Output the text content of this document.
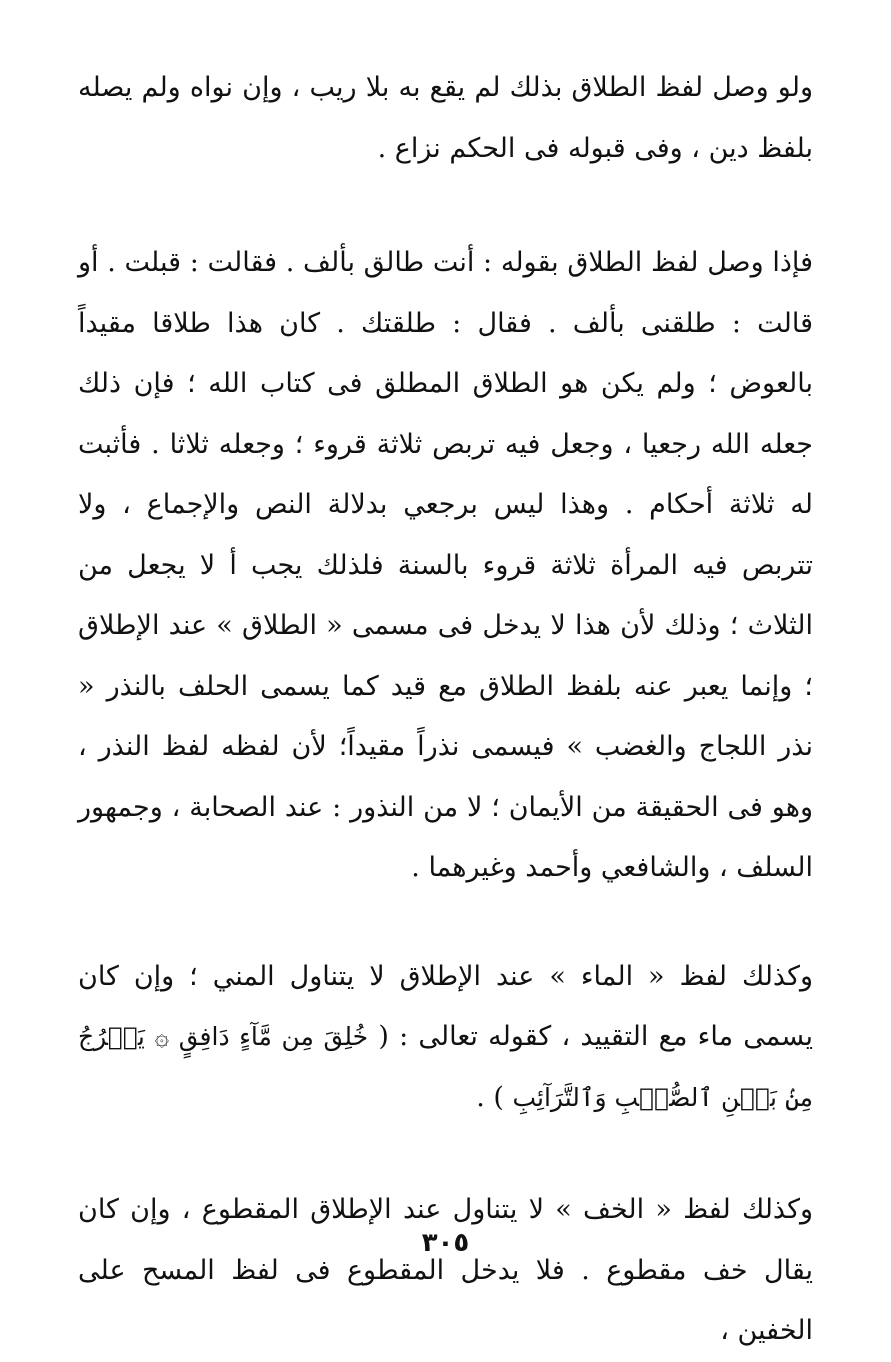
ولو وصل لفظ الطلاق بذلك لم يقع به بلا ريب ، وإن نواه ولم يصله بلفظ دين ، وفى قبوله فى الحكم نزاع .

فإذا وصل لفظ الطلاق بقوله : أنت طالق بألف . فقالت : قبلت . أو قالت : طلقنى بألف . فقال : طلقتك . كان هذا طلاقا مقيداً بالعوض ؛ ولم يكن هو الطلاق المطلق فى كتاب الله ؛ فإن ذلك جعله الله رجعيا ، وجعل فيه تربص ثلاثة قروء ؛ وجعله ثلاثا . فأثبت له ثلاثة أحكام . وهذا ليس برجعي بدلالة النص والإجماع ، ولا تتربص فيه المرأة ثلاثة قروء بالسنة فلذلك يجب أ لا يجعل من الثلاث ؛ وذلك لأن هذا لا يدخل فى مسمى « الطلاق » عند الإطلاق ؛ وإنما يعبر عنه بلفظ الطلاق مع قيد كما يسمى الحلف بالنذر « نذر اللجاج والغضب » فيسمى نذراً مقيداً؛ لأن لفظه لفظ النذر ، وهو فى الحقيقة من الأيمان ؛ لا من النذور : عند الصحابة ، وجمهور السلف ، والشافعي وأحمد وغيرهما .

وكذلك لفظ « الماء » عند الإطلاق لا يتناول المني ؛ وإن كان يسمى ماء مع التقييد ، كقوله تعالى : ( خُلِقَ مِن مَّآءٍ دَافِقٍ ۞ يَخۡرُجُ مِنۢ بَيۡنِ ٱلصُّلۡبِ وَٱلتَّرَآئِبِ ) .

وكذلك لفظ « الخف » لا يتناول عند الإطلاق المقطوع ، وإن كان يقال خف مقطوع . فلا يدخل المقطوع فى لفظ المسح على الخفين ،

٣٠٥
